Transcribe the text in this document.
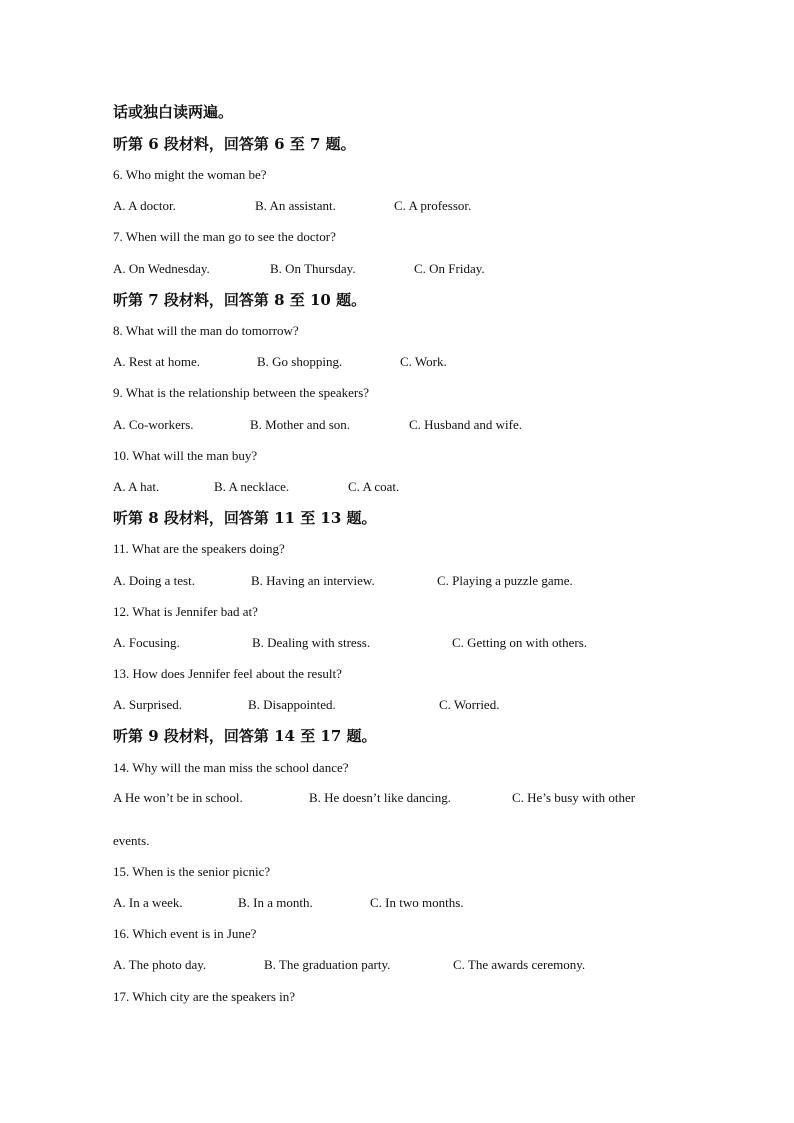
话或独白读两遍。
听第 6 段材料，回答第 6 至 7 题。
6. Who might the woman be?
A. A doctor.	B. An assistant.	C. A professor.
7. When will the man go to see the doctor?
A. On Wednesday.	B. On Thursday.	C. On Friday.
听第 7 段材料，回答第 8 至 10 题。
8. What will the man do tomorrow?
A. Rest at home.	B. Go shopping.	C. Work.
9. What is the relationship between the speakers?
A. Co-workers.	B. Mother and son.	C. Husband and wife.
10. What will the man buy?
A. A hat.	B. A necklace.	C. A coat.
听第 8 段材料，回答第 11 至 13 题。
11. What are the speakers doing?
A. Doing a test.	B. Having an interview.	C. Playing a puzzle game.
12. What is Jennifer bad at?
A. Focusing.	B. Dealing with stress.	C. Getting on with others.
13. How does Jennifer feel about the result?
A. Surprised.	B. Disappointed.	C. Worried.
听第 9 段材料，回答第 14 至 17 题。
14. Why will the man miss the school dance?
A He won’t be in school.	B. He doesn’t like dancing.	C. He’s busy with other
events.
15. When is the senior picnic?
A. In a week.	B. In a month.	C. In two months.
16. Which event is in June?
A. The photo day.	B. The graduation party.	C. The awards ceremony.
17. Which city are the speakers in?
